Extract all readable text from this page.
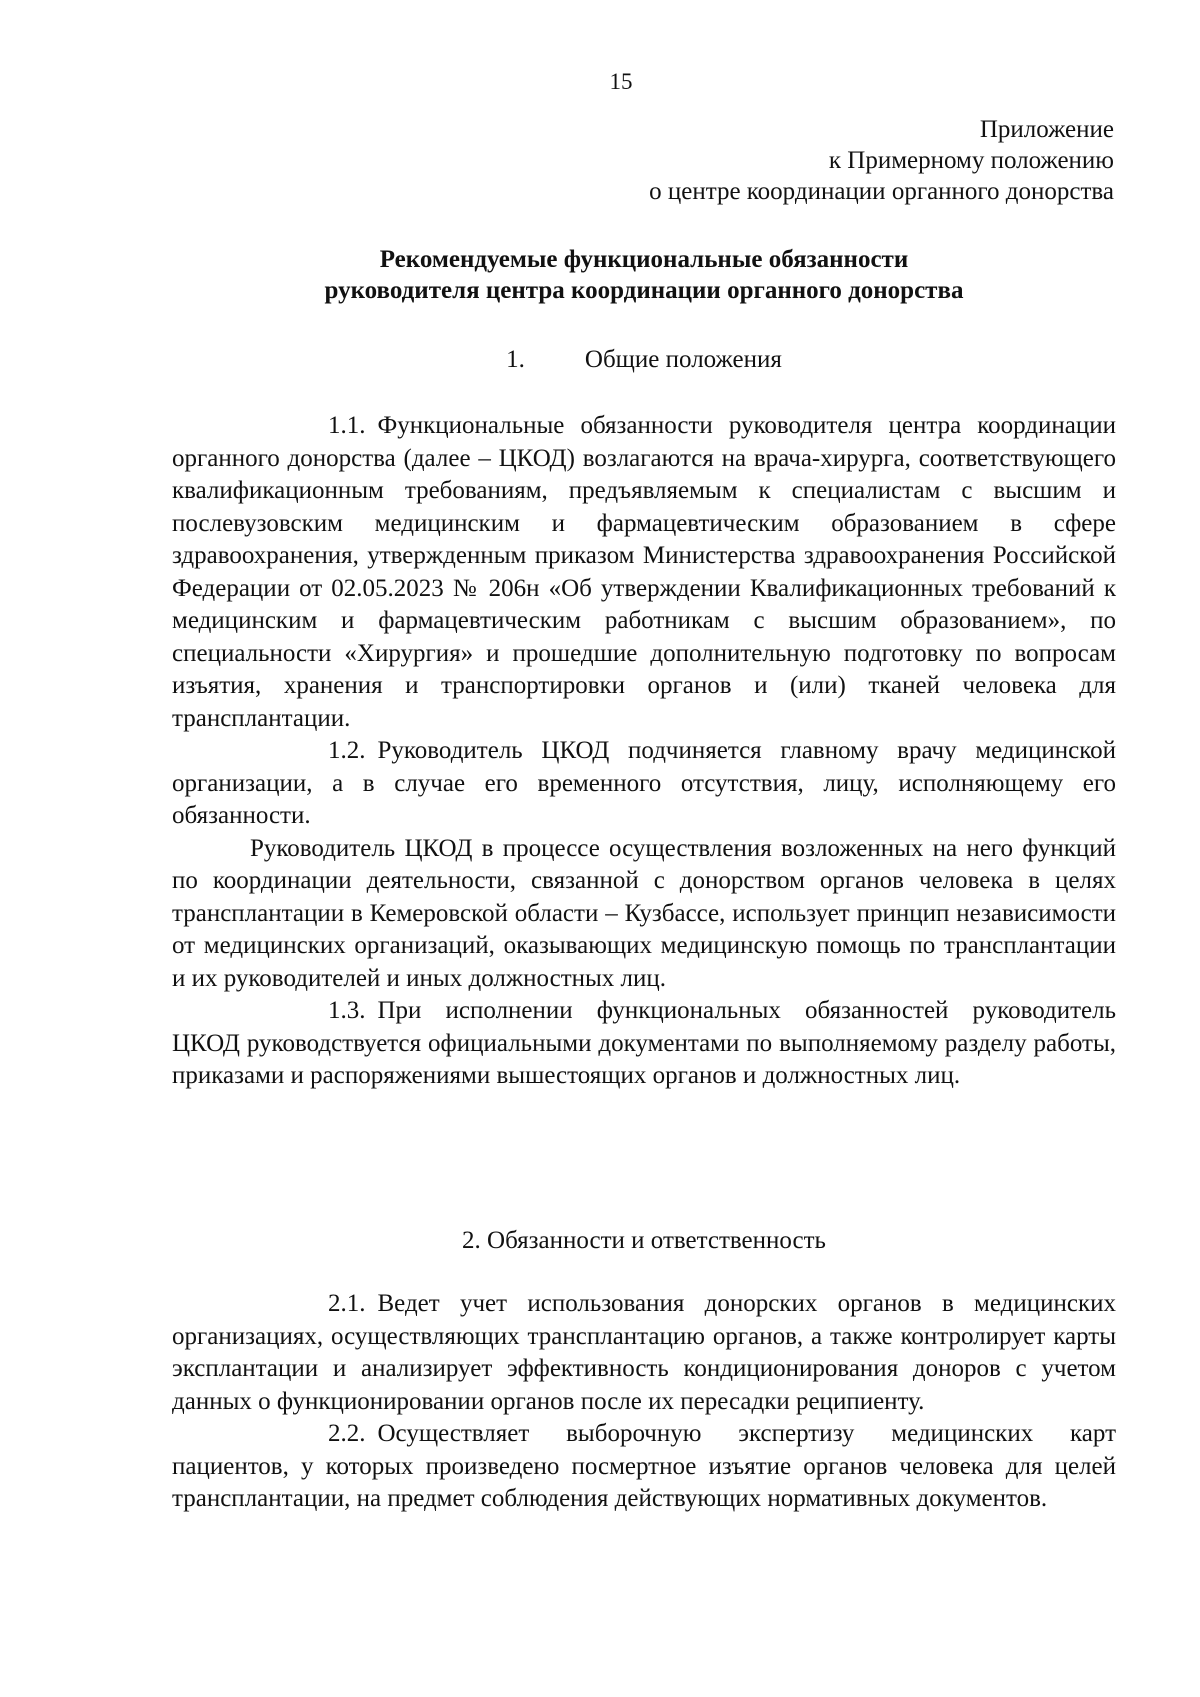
15
Приложение
к Примерному положению
о центре координации органного донорства
Рекомендуемые функциональные обязанности
руководителя центра координации органного донорства
1. Общие положения

1.1. Функциональные обязанности руководителя центра координации органного донорства (далее – ЦКОД) возлагаются на врача-хирурга, соответствующего квалификационным требованиям, предъявляемым к специалистам с высшим и послевузовским медицинским и фармацевтическим образованием в сфере здравоохранения, утвержденным приказом Министерства здравоохранения Российской Федерации от 02.05.2023 № 206н «Об утверждении Квалификационных требований к медицинским и фармацевтическим работникам с высшим образованием», по специальности «Хирургия» и прошедшие дополнительную подготовку по вопросам изъятия, хранения и транспортировки органов и (или) тканей человека для трансплантации.

1.2. Руководитель ЦКОД подчиняется главному врачу медицинской организации, а в случае его временного отсутствия, лицу, исполняющему его обязанности.

Руководитель ЦКОД в процессе осуществления возложенных на него функций по координации деятельности, связанной с донорством органов человека в целях трансплантации в Кемеровской области – Кузбассе, использует принцип независимости от медицинских организаций, оказывающих медицинскую помощь по трансплантации и их руководителей и иных должностных лиц.

1.3. При исполнении функциональных обязанностей руководитель ЦКОД руководствуется официальными документами по выполняемому разделу работы, приказами и распоряжениями вышестоящих органов и должностных лиц.

2. Обязанности и ответственность

2.1. Ведет учет использования донорских органов в медицинских организациях, осуществляющих трансплантацию органов, а также контролирует карты эксплантации и анализирует эффективность кондиционирования доноров с учетом данных о функционировании органов после их пересадки реципиенту.

2.2. Осуществляет выборочную экспертизу медицинских карт пациентов, у которых произведено посмертное изъятие органов человека для целей трансплантации, на предмет соблюдения действующих нормативных документов.
